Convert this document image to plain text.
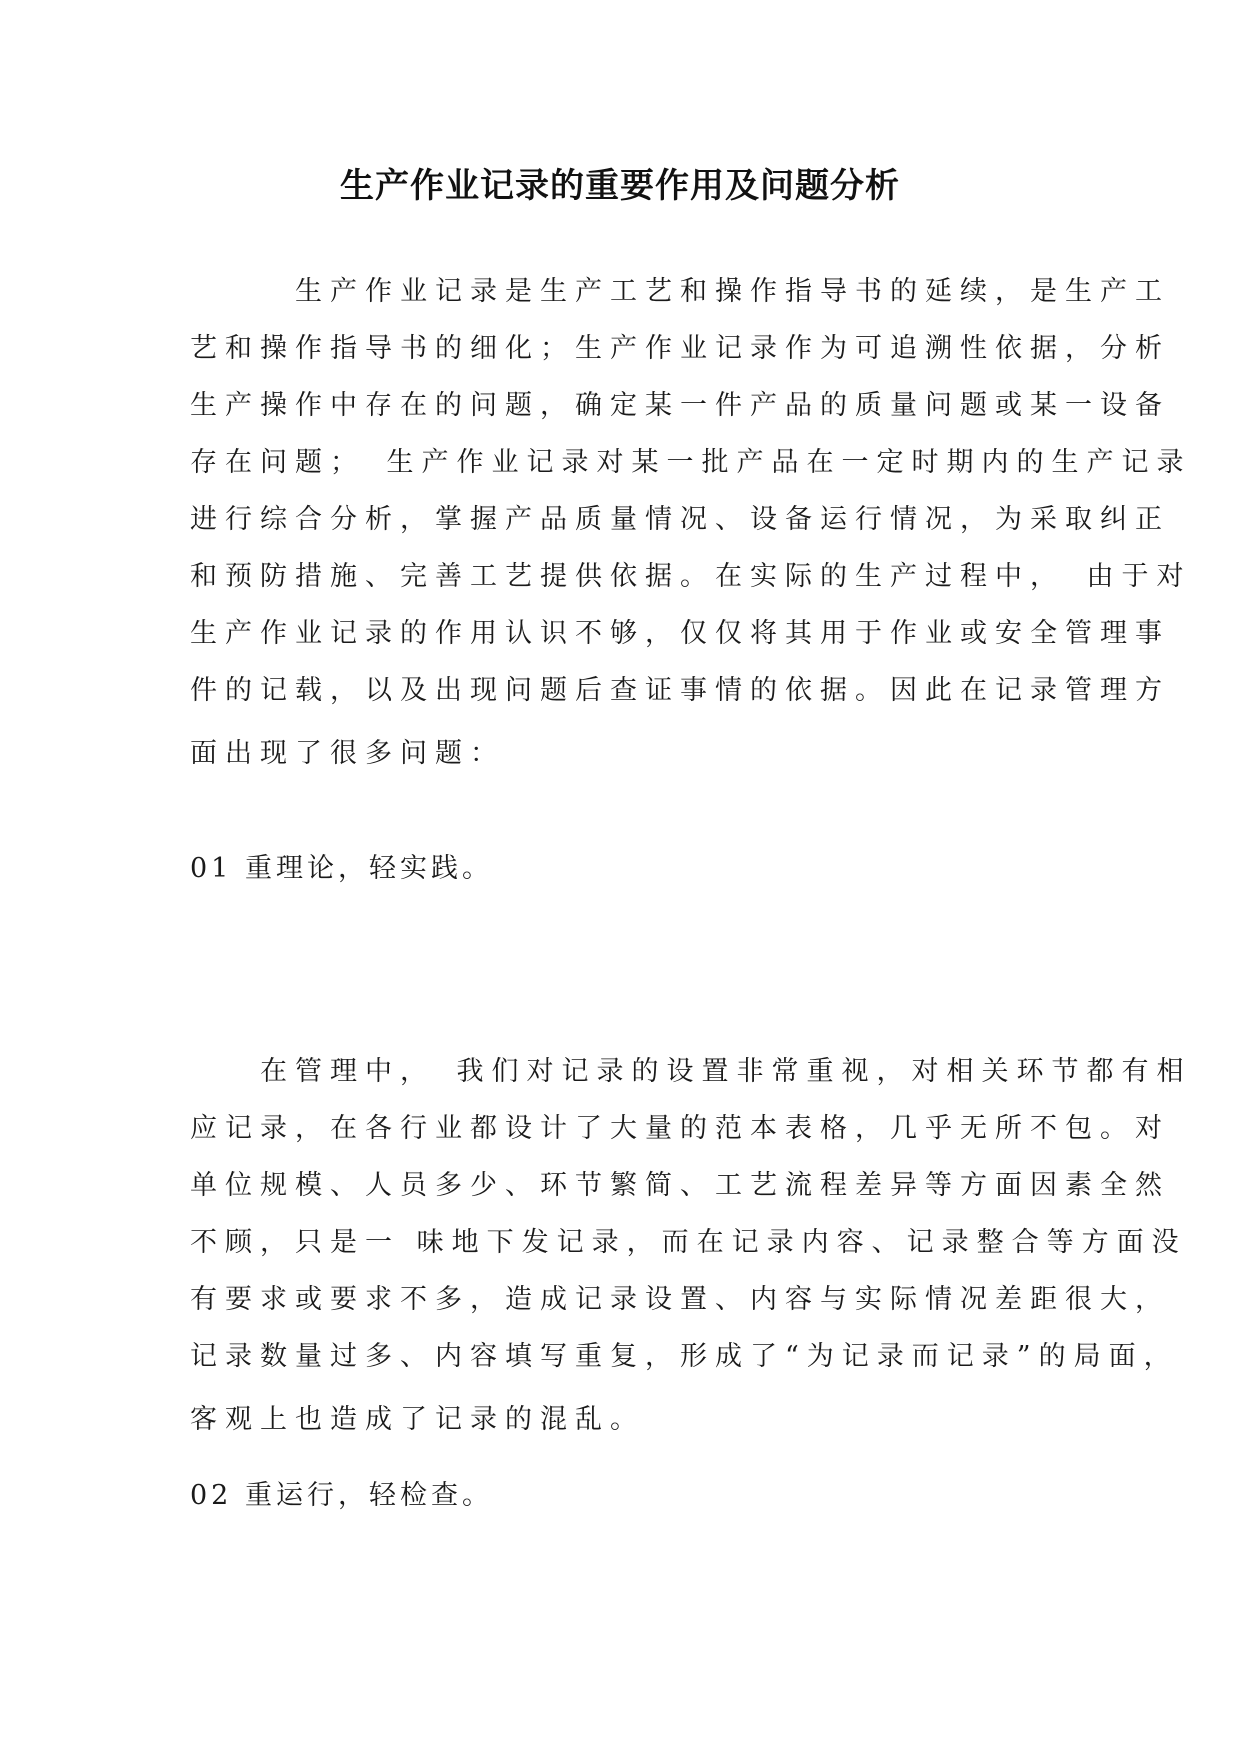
生产作业记录的重要作用及问题分析
　　　生产作业记录是生产工艺和操作指导书的延续，是生产工
艺和操作指导书的细化；生产作业记录作为可追溯性依据，分析
生产操作中存在的问题，确定某一件产品的质量问题或某一设备
存在问题；　生产作业记录对某一批产品在一定时期内的生产记录
进行综合分析，掌握产品质量情况、设备运行情况，为采取纠正
和预防措施、完善工艺提供依据。在实际的生产过程中，　由于对
生产作业记录的作用认识不够，仅仅将其用于作业或安全管理事
件的记载，以及出现问题后查证事情的依据。因此在记录管理方
面出现了很多问题：
01 重理论，轻实践。
　　在管理中，　我们对记录的设置非常重视，对相关环节都有相
应记录，在各行业都设计了大量的范本表格，几乎无所不包。对
单位规模、人员多少、环节繁简、工艺流程差异等方面因素全然
不顾，只是一 味地下发记录，而在记录内容、记录整合等方面没
有要求或要求不多，造成记录设置、内容与实际情况差距很大，
记录数量过多、内容填写重复，形成了“为记录而记录”的局面，
客观上也造成了记录的混乱。
02 重运行，轻检查。
